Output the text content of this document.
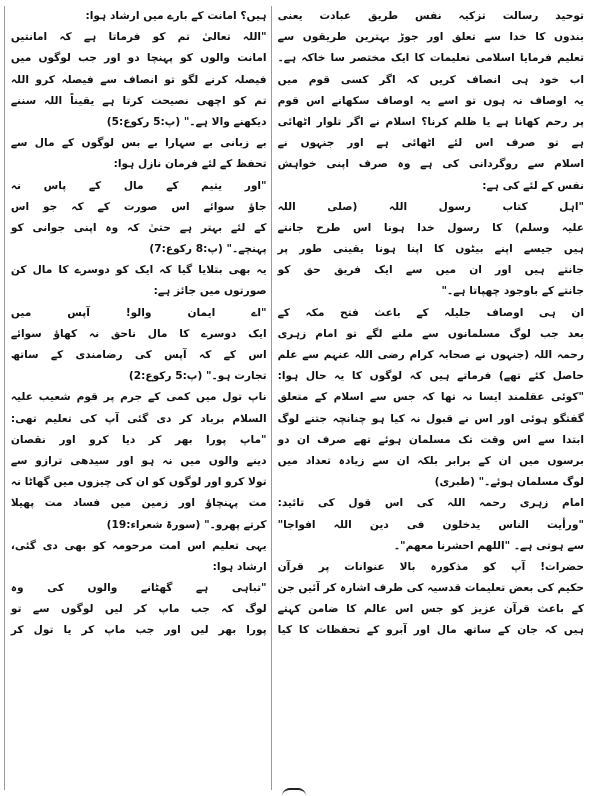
توحید رسالت تزکیہ نفس طریق عبادت یعنی
بندوں کا خدا سے تعلق اور جوڑ بہترین طریقوں سے
تعلیم فرمایا اسلامی تعلیمات کا ایک مختصر سا خاکہ ہے۔
اب خود ہی انصاف کریں کہ اگر کسی قوم میں
یہ اوصاف نہ ہوں تو اسے یہ اوصاف سکھانے اس قوم
پر رحم کھانا ہے یا ظلم کرنا؟ اسلام نے اگر تلوار اٹھائی
ہے تو صرف اس لئے اٹھائی ہے اور جنہوں نے
اسلام سے روگردانی کی ہے وہ صرف اپنی خواہش
نفس کے لئے کی ہے:
"اہل کتاب رسول اللہ (صلی اللہ
علیہ وسلم) کا رسول خدا ہونا اس طرح جانتے
ہیں جیسے اپنے بیٹوں کا اپنا ہونا یقینی طور پر
جانتے ہیں اور ان میں سے ایک فریق حق کو
جانتے کے باوجود چھپاتا ہے۔"
ان ہی اوصاف جلیلہ کے باعث فتح مکہ کے
بعد جب لوگ مسلمانوں سے ملنے لگے تو امام زہری
رحمہ اللہ (جنہوں نے صحابہ کرام رضی اللہ عنہم سے علم
حاصل کئے تھے) فرماتے ہیں کہ لوگوں کا یہ حال ہوا:
"کوئی عقلمند ایسا نہ تھا کہ جس سے اسلام کے متعلق
گفتگو ہوئی اور اس نے قبول نہ کیا ہو چنانچہ جتنے لوگ
ابتدا سے اس وقت تک مسلمان ہوئے تھے صرف ان دو
برسوں میں ان کے برابر بلکہ ان سے زیادہ تعداد میں
لوگ مسلمان ہوئے۔" (طبری)
امام زہری رحمہ اللہ کی اس قول کی تائید:
"ورأیت الناس یدخلون فی دین اللہ افواجا"
سے ہوتی ہے۔ "اللھم احشرنا معھم"۔
حضرات! آپ کو مذکورہ بالا عنوانات پر قرآن
حکیم کی بعض تعلیمات قدسیہ کی طرف اشارہ کر آئیں جن
کے باعث قرآن عزیز کو جس اس عالم کا ضامن کہتے
ہیں کہ جان کے ساتھ مال اور آبرو کے تحفظات کا کیا
ہیں؟ امانت کے بارے میں ارشاد ہوا:
"اللہ تعالیٰ تم کو فرماتا ہے کہ امانتیں
امانت والوں کو پہنچا دو اور جب لوگوں میں
فیصلہ کرنے لگو تو انصاف سے فیصلہ کرو اللہ
تم کو اچھی نصیحت کرتا ہے یقیناً اللہ سننے
دیکھنے والا ہے۔" (پ:5 رکوع:5)
بے زبانی بے سہارا بے بس لوگوں کے مال سے
تحفظ کے لئے فرمان نازل ہوا:
"اور یتیم کے مال کے پاس نہ
جاؤ سوائے اس صورت کے کہ جو اس
کے لئے بہتر ہے حتیٰ کہ وہ اپنی جوانی کو
پہنچے۔" (پ:8 رکوع:7)
یہ بھی بتلایا گیا کہ ایک کو دوسرے کا مال کن
صورتوں میں جائز ہے:
"اے ایمان والو! آپس میں
ایک دوسرے کا مال ناحق نہ کھاؤ سوائے
اس کے کہ آپس کی رضامندی کے ساتھ
تجارت ہو۔" (پ:5 رکوع:2)
ناپ تول میں کمی کے جرم پر قوم شعیب علیہ
السلام برباد کر دی گئی آپ کی تعلیم تھی:
"ماپ پورا بھر کر دیا کرو اور نقصان
دینے والوں میں نہ ہو اور سیدھی ترازو سے
تولا کرو اور لوگوں کو ان کی چیزوں میں گھاٹا نہ
مت پہنچاؤ اور زمین میں فساد مت پھیلا
کرتے پھرو۔" (سورۃ شعراء:19)
یہی تعلیم اس امت مرحومہ کو بھی دی گئی،
ارشاد ہوا:
"تباہی ہے گھٹانے والوں کی وہ
لوگ کہ جب ماپ کر لیں لوگوں سے تو
پورا بھر لیں اور جب ماپ کر یا تول کر
